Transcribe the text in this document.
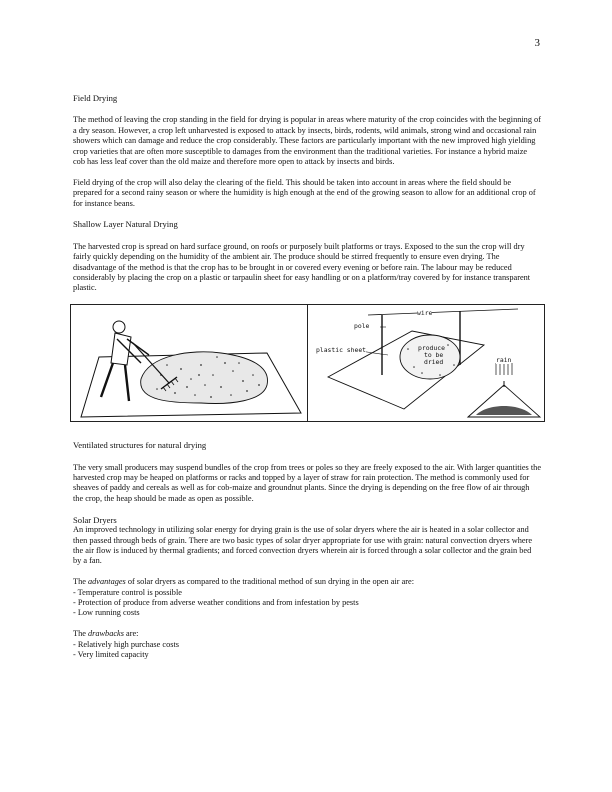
3
Field Drying

The method of leaving the crop standing in the field for drying is popular in areas where maturity of the crop coincides with the beginning of a dry season. However, a crop left unharvested is exposed to attack by insects, birds, rodents, wild animals, strong wind and occasional rain showers which can damage and reduce the crop considerably. These factors are particularly important with the new improved high yielding crop varieties that are often more susceptible to damages from the environment than the traditional varieties. For instance a hybrid maize cob has less leaf cover than the old maize and therefore more open to attack by insects and birds.

Field drying of the crop will also delay the clearing of the field. This should be taken into account in areas where the field should be prepared for a second rainy season or where the humidity is high enough at the end of the growing season to allow for an additional crop of for instance beans.

Shallow Layer Natural Drying

The harvested crop is spread on hard surface ground, on roofs or purposely built platforms or trays. Exposed to the sun the crop will dry fairly quickly depending on the humidity of the ambient air. The produce should be stirred frequently to ensure even drying. The disadvantage of the method is that the crop has to be brought in or covered every evening or before rain. The labour may be reduced considerably by placing the crop on a plastic or tarpaulin sheet for easy handling or on a platform/tray covered by for instance transparent plastic.

wire
pole
plastic sheet	produce
to be
dried	rain
Ventilated structures for natural drying

The very small producers may suspend bundles of the crop from trees or poles so they are freely exposed to the air. With larger quantities the harvested crop may be heaped on platforms or racks and topped by a layer of straw for rain protection. The method is commonly used for sheaves of paddy and cereals as well as for cob-maize and groundnut plants. Since the drying is depending on the free flow of air through the crop, the heap should be made as open as possible.

Solar Dryers

An improved technology in utilizing solar energy for drying grain is the use of solar dryers where the air is heated in a solar collector and then passed through beds of grain. There are two basic types of solar dryer appropriate for use with grain: natural convection dryers where the air flow is induced by thermal gradients; and forced convection dryers wherein air is forced through a solar collector and the grain bed by a fan.

The advantages of solar dryers as compared to the traditional method of sun drying in the open air are:
- Temperature control is possible
- Protection of produce from adverse weather conditions and from infestation by pests
- Low running costs
The drawbacks are:
- Relatively high purchase costs
- Very limited capacity
